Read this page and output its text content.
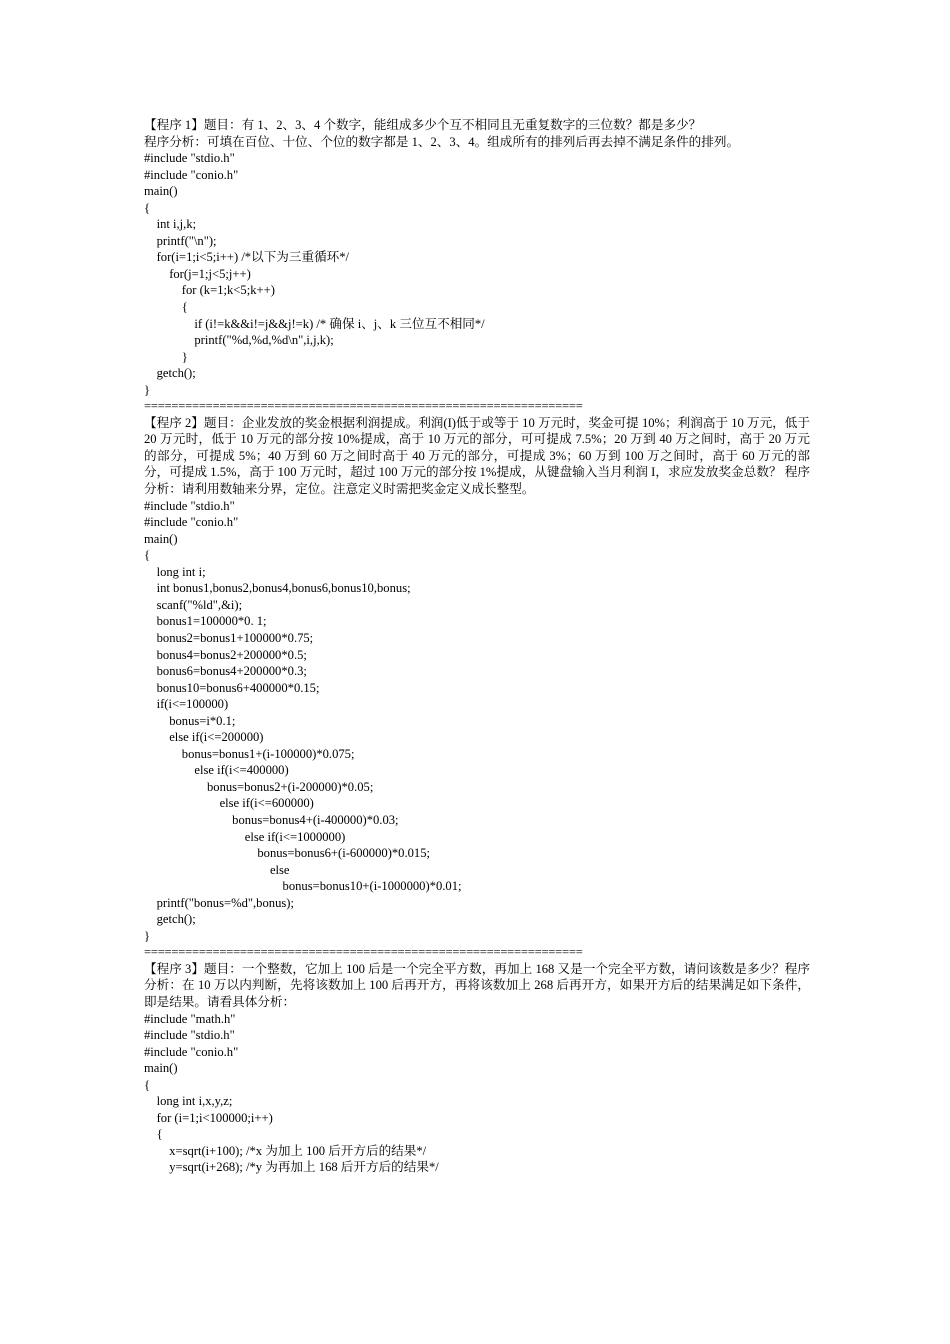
【程序 1】题目：有 1、2、3、4 个数字，能组成多少个互不相同且无重复数字的三位数？都是多少？
程序分析：可填在百位、十位、个位的数字都是 1、2、3、4。组成所有的排列后再去掉不满足条件的排列。
#include "stdio.h"
#include "conio.h"
main()
{
int i,j,k;
printf("\n");
for(i=1;i<5;i++) /*以下为三重循环*/
for(j=1;j<5;j++)
for (k=1;k<5;k++)
{
if (i!=k&&i!=j&&j!=k) /* 确保 i、j、k 三位互不相同*/
printf("%d,%d,%d\n",i,j,k);
}
getch();
}
================================================================
【程序 2】题目：企业发放的奖金根据利润提成。利润(I)低于或等于 10 万元时，奖金可提 10%；利润高于 10 万元，低于 20 万元时，低于 10 万元的部分按 10%提成，高于 10 万元的部分，可可提成 7.5%；20 万到 40 万之间时，高于 20 万元的部分，可提成 5%；40 万到 60 万之间时高于 40 万元的部分，可提成 3%；60 万到 100 万之间时，高于 60 万元的部分，可提成 1.5%，高于 100 万元时，超过 100 万元的部分按 1%提成，从键盘输入当月利润 I，求应发放奖金总数？ 程序分析：请利用数轴来分界，定位。注意定义时需把奖金定义成长整型。
#include "stdio.h"
#include "conio.h"
main()
{
long int i;
int bonus1,bonus2,bonus4,bonus6,bonus10,bonus;
scanf("%ld",&i);
bonus1=100000*0. 1;
bonus2=bonus1+100000*0.75;
bonus4=bonus2+200000*0.5;
bonus6=bonus4+200000*0.3;
bonus10=bonus6+400000*0.15;
if(i<=100000)
bonus=i*0.1;
else if(i<=200000)
bonus=bonus1+(i-100000)*0.075;
else if(i<=400000)
bonus=bonus2+(i-200000)*0.05;
else if(i<=600000)
bonus=bonus4+(i-400000)*0.03;
else if(i<=1000000)
bonus=bonus6+(i-600000)*0.015;
else
bonus=bonus10+(i-1000000)*0.01;
printf("bonus=%d",bonus);
getch();
}
================================================================
【程序 3】题目：一个整数，它加上 100 后是一个完全平方数，再加上 168 又是一个完全平方数，请问该数是多少？程序分析：在 10 万以内判断，先将该数加上 100 后再开方，再将该数加上 268 后再开方，如果开方后的结果满足如下条件，即是结果。请看具体分析：
#include "math.h"
#include "stdio.h"
#include "conio.h"
main()
{
long int i,x,y,z;
for (i=1;i<100000;i++)
{
x=sqrt(i+100); /*x 为加上 100 后开方后的结果*/
y=sqrt(i+268); /*y 为再加上 168 后开方后的结果*/
